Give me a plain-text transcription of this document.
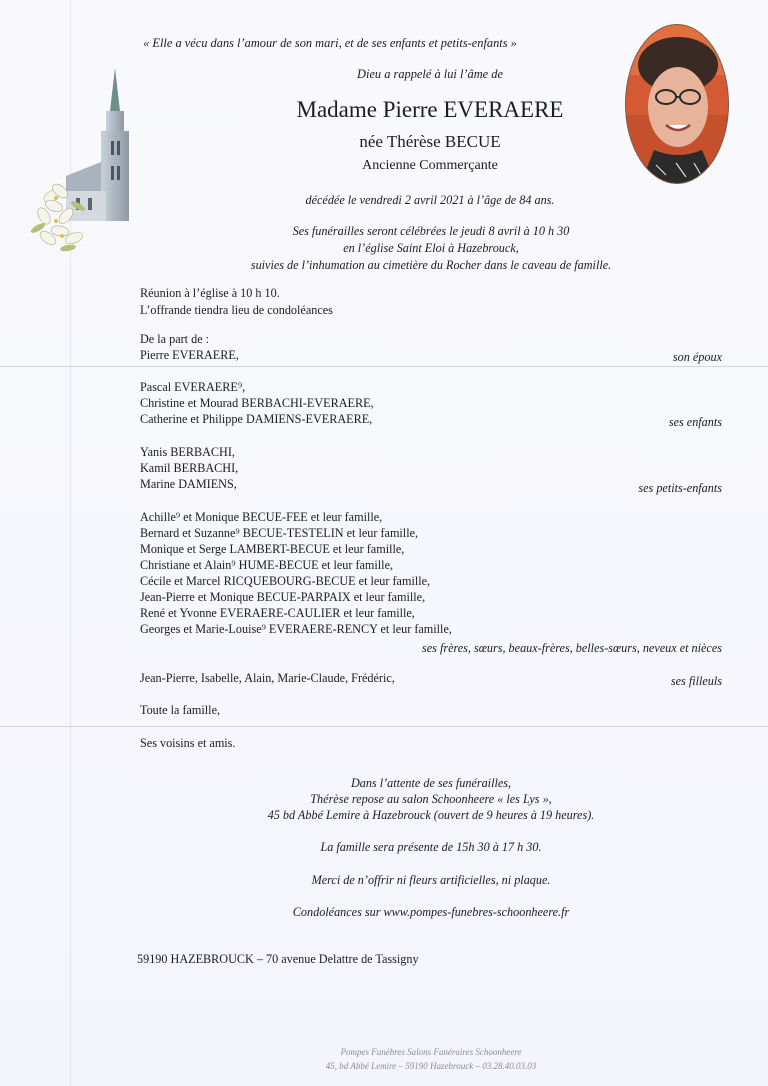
« Elle a vécu dans l’amour de son mari, et de ses enfants et petits-enfants »
Dieu a rappelé à lui l’âme de
Madame Pierre EVERAERE
née Thérèse BECUE
Ancienne Commerçante
décédée le vendredi 2 avril 2021 à l’âge de 84 ans.
Ses funérailles seront célébrées le jeudi 8 avril à 10 h 30
en l’église Saint Eloi à Hazebrouck,
suivies de l’inhumation au cimetière du Rocher dans le caveau de famille.
Réunion à l’église à 10 h 10.
L’offrande tiendra lieu de condoléances
De la part de :
Pierre EVERAERE,	son époux
Pascal EVERAERE⁹,
Christine et Mourad BERBACHI-EVERAERE,
Catherine et Philippe DAMIENS-EVERAERE,	ses enfants
Yanis BERBACHI,
Kamil BERBACHI,
Marine DAMIENS,	ses petits-enfants
Achille⁹ et Monique BECUE-FEE et leur famille,
Bernard et Suzanne⁹ BECUE-TESTELIN et leur famille,
Monique et Serge LAMBERT-BECUE et leur famille,
Christiane et Alain⁹ HUME-BECUE et leur famille,
Cécile et Marcel RICQUEBOURG-BECUE et leur famille,
Jean-Pierre et Monique BECUE-PARPAIX et leur famille,
René et Yvonne EVERAERE-CAULIER et leur famille,
Georges et Marie-Louise⁹ EVERAERE-RENCY et leur famille,
ses frères, sœurs, beaux-frères, belles-sœurs, neveux et nièces
Jean-Pierre, Isabelle, Alain, Marie-Claude, Frédéric,	ses filleuls
Toute la famille,
Ses voisins et amis.
Dans l’attente de ses funérailles,
Thérèse repose au salon Schoonheere « les Lys »,
45 bd Abbé Lemire à Hazebrouck (ouvert de 9 heures à 19 heures).
La famille sera présente de 15h 30 à 17 h 30.
Merci de n’offrir ni fleurs artificielles, ni plaque.
Condoléances sur www.pompes-funebres-schoonheere.fr
59190 HAZEBROUCK – 70 avenue Delattre de Tassigny
Pompes Funèbres Salons Funéraires Schoonheere
45, bd Abbé Lemire – 59190 Hazebrouck – 03.28.40.03.03
